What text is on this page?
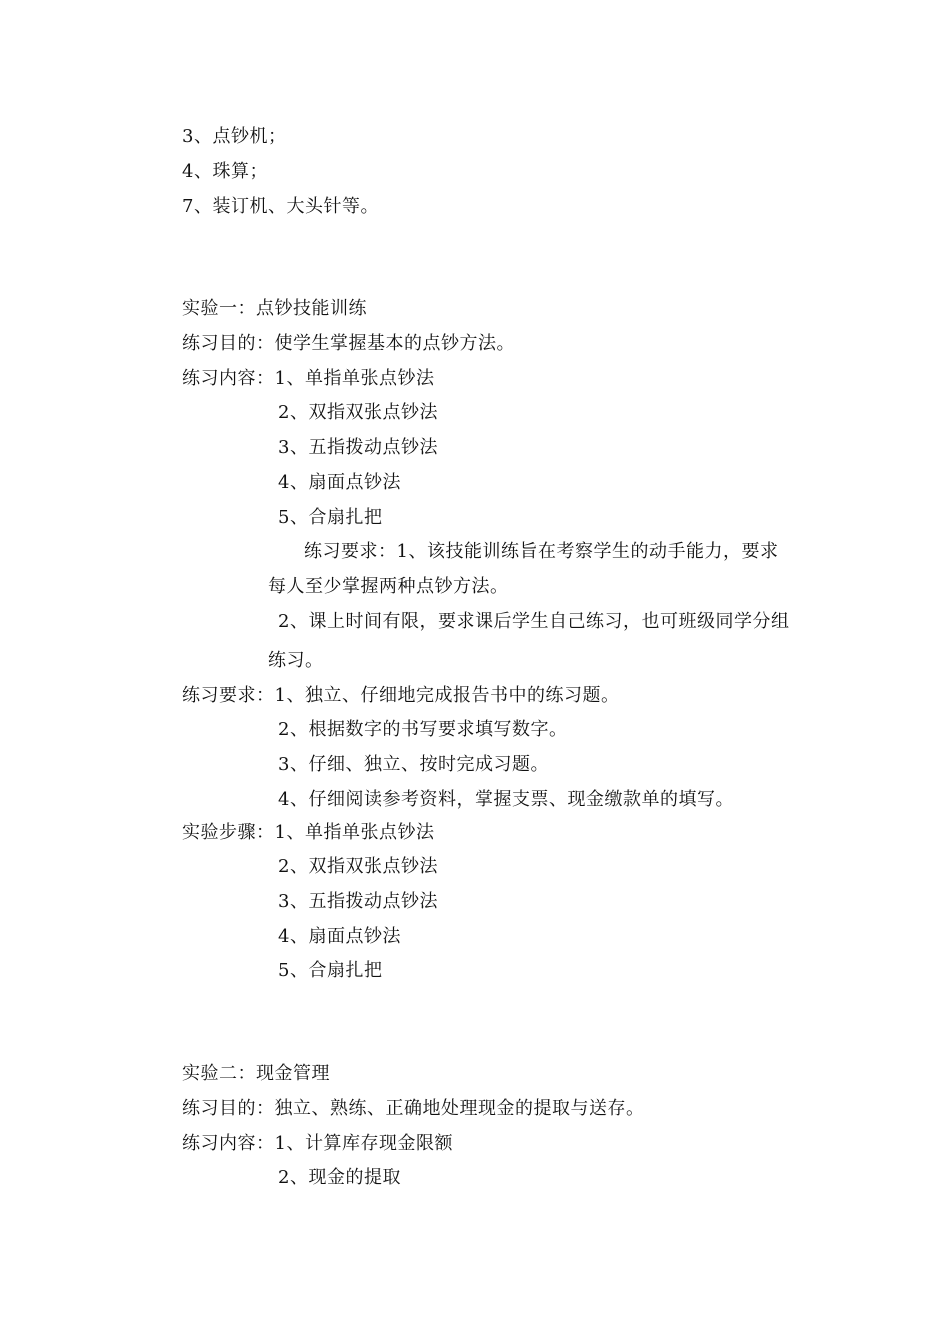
3、点钞机；
4、珠算；
7、装订机、大头针等。
实验一：点钞技能训练
练习目的：使学生掌握基本的点钞方法。
练习内容：1、单指单张点钞法
2、双指双张点钞法
3、五指拨动点钞法
4、扇面点钞法
5、合扇扎把
练习要求：1、该技能训练旨在考察学生的动手能力，要求
每人至少掌握两种点钞方法。
2、课上时间有限，要求课后学生自己练习，也可班级同学分组
练习。
练习要求：1、独立、仔细地完成报告书中的练习题。
2、根据数字的书写要求填写数字。
3、仔细、独立、按时完成习题。
4、仔细阅读参考资料，掌握支票、现金缴款单的填写。
实验步骤：1、单指单张点钞法
2、双指双张点钞法
3、五指拨动点钞法
4、扇面点钞法
5、合扇扎把
实验二：现金管理
练习目的：独立、熟练、正确地处理现金的提取与送存。
练习内容：1、计算库存现金限额
2、现金的提取
